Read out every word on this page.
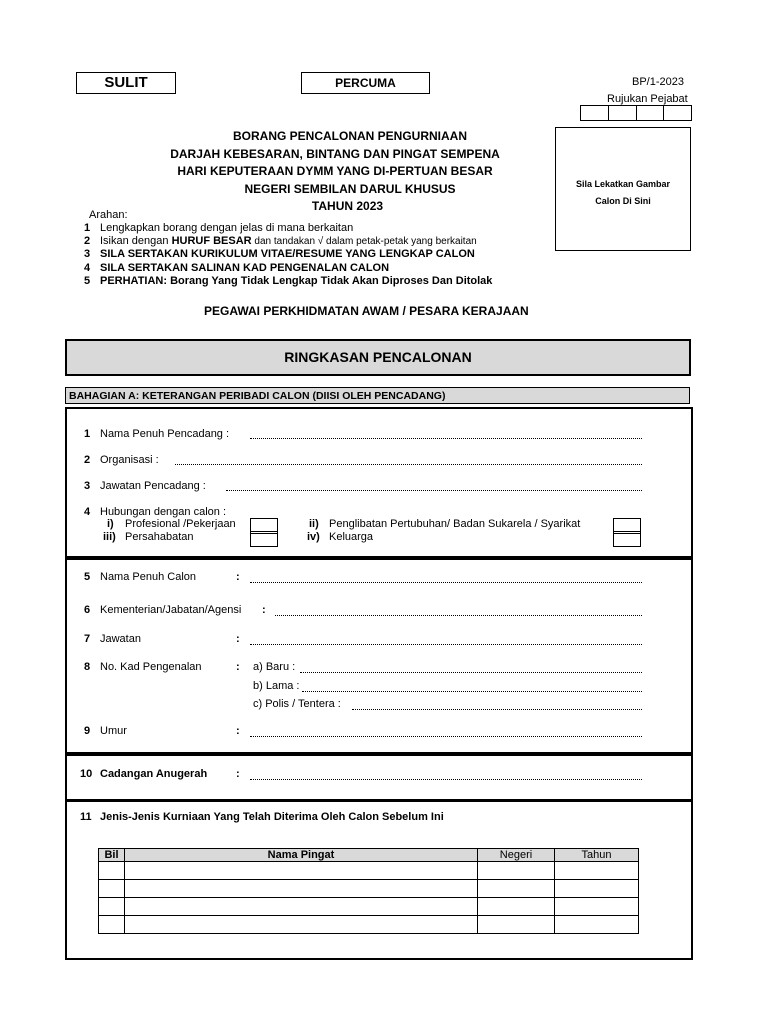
SULIT	PERCUMA	BP/1-2023
Rujukan Pejabat
BORANG PENCALONAN PENGURNIAAN
DARJAH KEBESARAN, BINTANG DAN PINGAT SEMPENA
HARI KEPUTERAAN DYMM YANG DI-PERTUAN BESAR
NEGERI SEMBILAN DARUL KHUSUS
TAHUN 2023
Sila Lekatkan Gambar
Calon Di Sini
Arahan:
1 Lengkapkan borang dengan jelas di mana berkaitan
2 Isikan dengan HURUF BESAR dan tandakan √ dalam petak-petak yang berkaitan
3 SILA SERTAKAN KURIKULUM VITAE/RESUME YANG LENGKAP CALON
4 SILA SERTAKAN SALINAN KAD PENGENALAN CALON
5 PERHATIAN: Borang Yang Tidak Lengkap Tidak Akan Diproses Dan Ditolak
PEGAWAI PERKHIDMATAN AWAM / PESARA KERAJAAN
RINGKASAN PENCALONAN
BAHAGIAN A: KETERANGAN PERIBADI CALON (DIISI OLEH PENCADANG)
1 Nama Penuh Pencadang :
2 Organisasi :
3 Jawatan Pencadang :
4 Hubungan dengan calon :
i) Profesional /Pekerjaan
iii) Persahabatan
ii) Penglibatan Pertubuhan/ Badan Sukarela / Syarikat
iv) Keluarga
5 Nama Penuh Calon	:
6 Kementerian/Jabatan/Agensi :
7 Jawatan	:
8 No. Kad Pengenalan	: a) Baru :
b) Lama :
c) Polis / Tentera :
9 Umur	:
10 Cadangan Anugerah	:
11 Jenis-Jenis Kurniaan Yang Telah Diterima Oleh Calon Sebelum Ini
Bil	Nama Pingat	Negeri	Tahun
